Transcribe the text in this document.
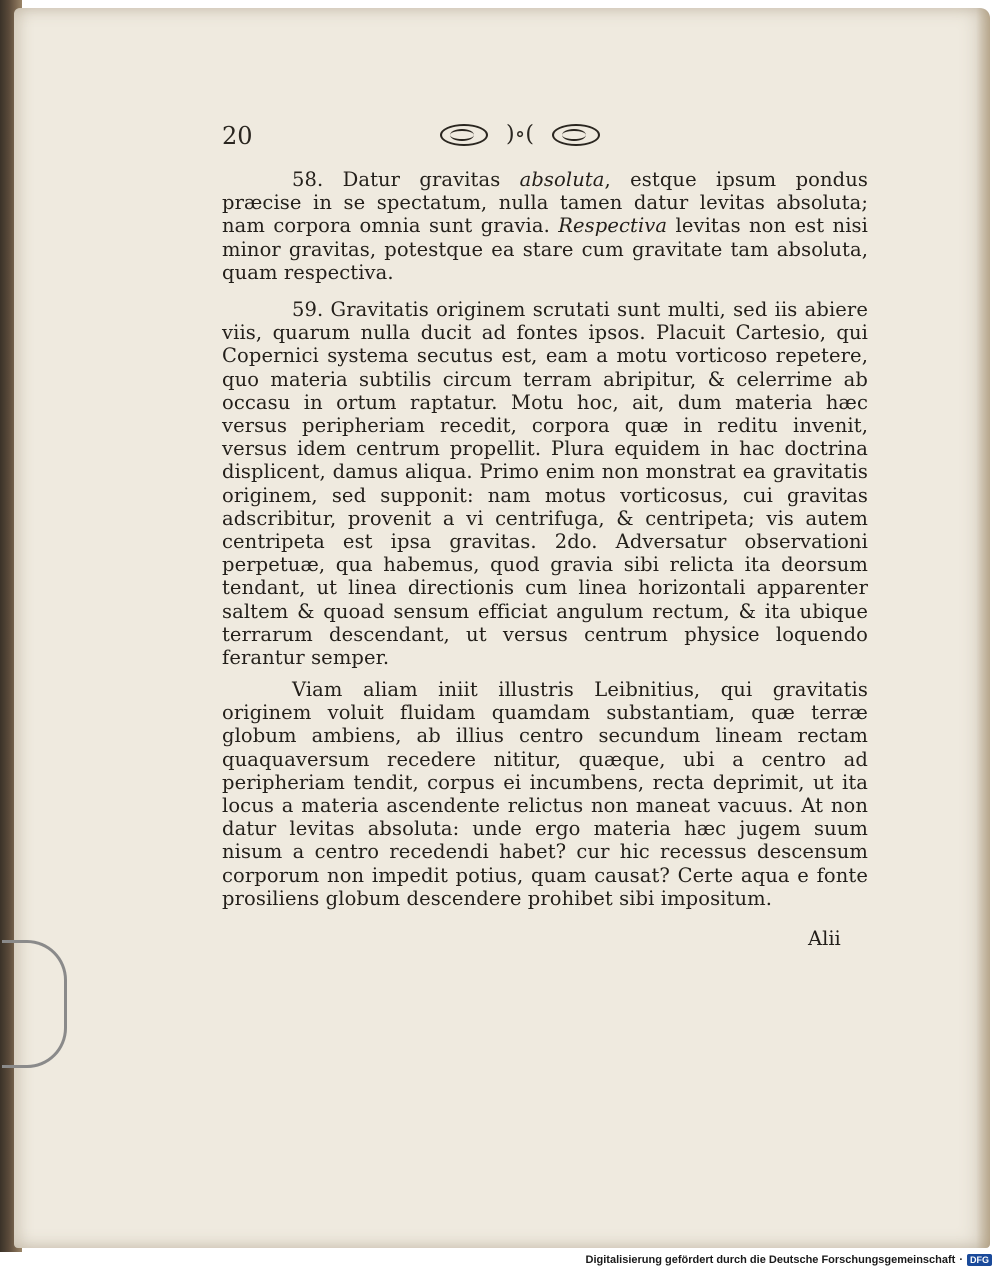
20	)∘(

58. Datur gravitas absoluta, estque ipsum pondus præcise in se spectatum, nulla tamen datur levitas absoluta; nam corpora omnia sunt gravia. Respectiva levitas non est nisi minor gravitas, potestque ea stare cum gravitate tam absoluta, quam respectiva.

59. Gravitatis originem scrutati sunt multi, sed iis abiere viis, quarum nulla ducit ad fontes ipsos. Placuit Cartesio, qui Copernici systema secutus est, eam a motu vorticoso repetere, quo materia subtilis circum terram abripitur, & celerrime ab occasu in ortum raptatur. Motu hoc, ait, dum materia hæc versus peripheriam recedit, corpora quæ in reditu invenit, versus idem centrum propellit. Plura equidem in hac doctrina displicent, damus aliqua. Primo enim non monstrat ea gravitatis originem, sed supponit: nam motus vorticosus, cui gravitas adscribitur, provenit a vi centrifuga, & centripeta; vis autem centripeta est ipsa gravitas. 2do. Adversatur observationi perpetuæ, qua habemus, quod gravia sibi relicta ita deorsum tendant, ut linea directionis cum linea horizontali apparenter saltem & quoad sensum efficiat angulum rectum, & ita ubique terrarum descendant, ut versus centrum physice loquendo ferantur semper.

Viam aliam iniit illustris Leibnitius, qui gravitatis originem voluit fluidam quamdam substantiam, quæ terræ globum ambiens, ab illius centro secundum lineam rectam quaquaversum recedere nititur, quæque, ubi a centro ad peripheriam tendit, corpus ei incumbens, recta deprimit, ut ita locus a materia ascendente relictus non maneat vacuus. At non datur levitas absoluta: unde ergo materia hæc jugem suum nisum a centro recedendi habet? cur hic recessus descensum corporum non impedit potius, quam causat? Certe aqua e fonte prosiliens globum descendere prohibet sibi impositum.

Alii
Digitalisierung gefördert durch die Deutsche Forschungsgemeinschaft · DFG
